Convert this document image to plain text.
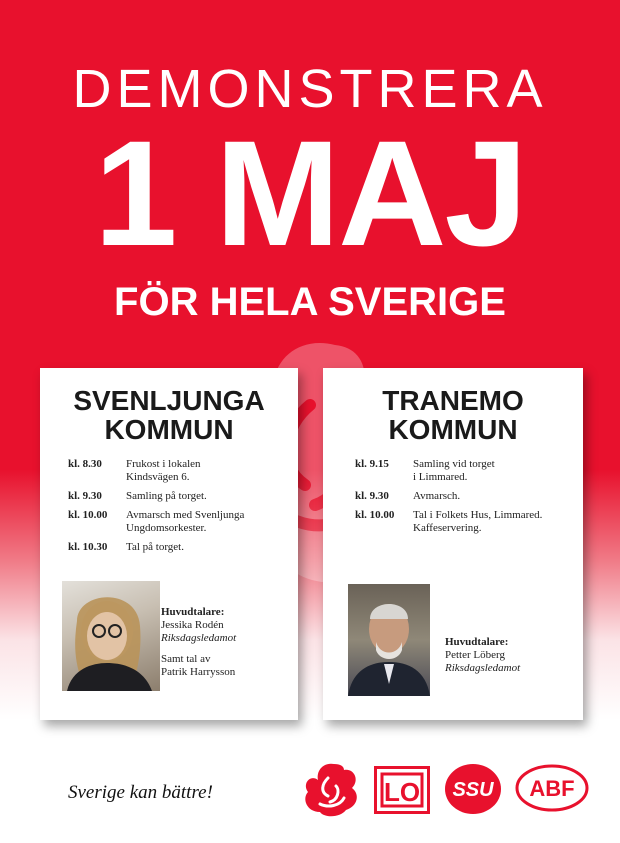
DEMONSTRERA
1 MAJ
FÖR HELA SVERIGE
SVENLJUNGA
KOMMUN
kl. 8.30	Frukost i lokalen
Kindsvägen 6.
kl. 9.30	Samling på torget.
kl. 10.00	Avmarsch med Svenljunga
Ungdomsorkester.
kl. 10.30	Tal på torget.
Huvudtalare:
Jessika Rodén
Riksdagsledamot
Samt tal av
Patrik Harrysson
TRANEMO
KOMMUN
kl. 9.15	Samling vid torget
i Limmared.
kl. 9.30	Avmarsch.
kl. 10.00	Tal i Folkets Hus, Limmared.
Kaffeservering.
Huvudtalare:
Petter Löberg
Riksdagsledamot
Sverige kan bättre!	LO SSU ABF
